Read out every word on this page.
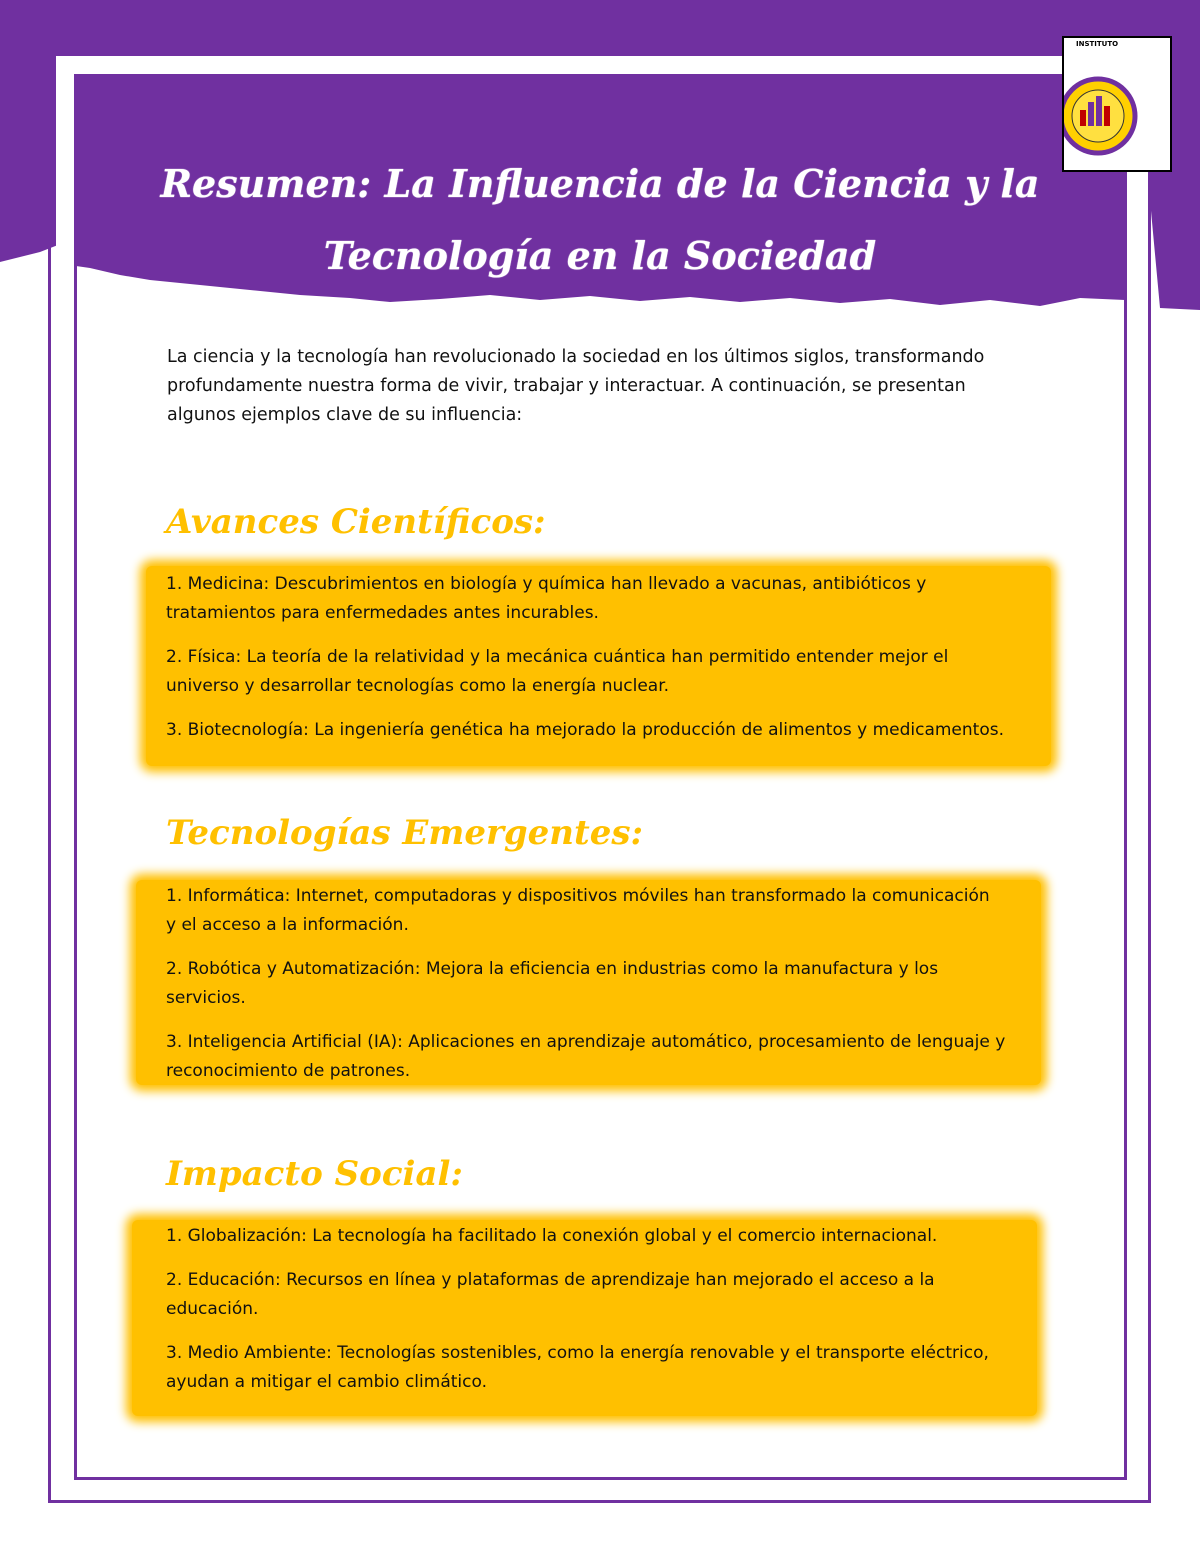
INSTITUTO
Resumen: La Influencia de la Ciencia y la
Tecnología en la Sociedad
La ciencia y la tecnología han revolucionado la sociedad en los últimos siglos, transformando
profundamente nuestra forma de vivir, trabajar y interactuar. A continuación, se presentan
algunos ejemplos clave de su influencia:
Avances Científicos:
1. Medicina: Descubrimientos en biología y química han llevado a vacunas, antibióticos y
tratamientos para enfermedades antes incurables.
2. Física: La teoría de la relatividad y la mecánica cuántica han permitido entender mejor el
universo y desarrollar tecnologías como la energía nuclear.
3. Biotecnología: La ingeniería genética ha mejorado la producción de alimentos y medicamentos.
Tecnologías Emergentes:
1. Informática: Internet, computadoras y dispositivos móviles han transformado la comunicación
y el acceso a la información.
2. Robótica y Automatización: Mejora la eficiencia en industrias como la manufactura y los
servicios.
3. Inteligencia Artificial (IA): Aplicaciones en aprendizaje automático, procesamiento de lenguaje y
reconocimiento de patrones.
Impacto Social:
1. Globalización: La tecnología ha facilitado la conexión global y el comercio internacional.
2. Educación: Recursos en línea y plataformas de aprendizaje han mejorado el acceso a la
educación.
3. Medio Ambiente: Tecnologías sostenibles, como la energía renovable y el transporte eléctrico,
ayudan a mitigar el cambio climático.
